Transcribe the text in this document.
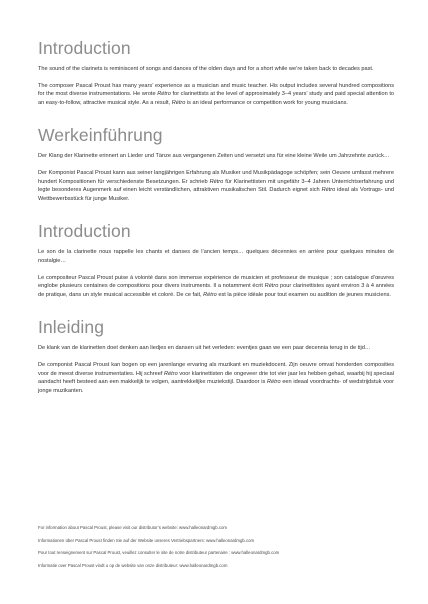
Introduction

The sound of the clarinets is reminiscent of songs and dances of the olden days and for a short while we’re taken back to decades past.

The composer Pascal Proust has many years’ experience as a musician and music teacher. His output includes several hundred compositions for the most diverse instrumentations. He wrote Rétro for clarinettists at the level of approximately 3–4 years’ study and paid special attention to an easy-to-follow, attractive musical style. As a result, Rétro is an ideal performance or competition work for young musicians.

Werkeinführung

Der Klang der Klarinette erinnert an Lieder und Tänze aus vergangenen Zeiten und versetzt uns für eine kleine Weile um Jahrzehnte zurück…

Der Komponist Pascal Proust kann aus seiner langjährigen Erfahrung als Musiker und Musikpädagoge schöpfen; sein Oeuvre umfasst mehrere hundert Kompositionen für verschiedenste Besetzungen. Er schrieb Rétro für Klarinettisten mit ungefähr 3–4 Jahren Unterrichtserfahrung und legte besonderes Augenmerk auf einen leicht verständlichen, attraktiven musikalischen Stil. Dadurch eignet sich Rétro ideal als Vortrags- und Wettbewerbsstück für junge Musiker.

Introduction

Le son de la clarinette nous rappelle les chants et danses de l’ancien temps… quelques décennies en arrière pour quelques minutes de nostalgie…

Le compositeur Pascal Proust puise à volonté dans son immense expérience de musicien et professeur de musique ; son catalogue d’œuvres englobe plusieurs centaines de compositions pour divers instruments. Il a notamment écrit Rétro pour clarinettistes ayant environ 3 à 4 années de pratique, dans un style musical accessible et coloré. De ce fait, Rétro est la pièce idéale pour tout examen ou audition de jeunes musiciens.

Inleiding

De klank van de klarinetten doet denken aan liedjes en dansen uit het verleden: eventjes gaan we een paar decennia terug in de tijd…

De componist Pascal Proust kan bogen op een jarenlange ervaring als muzikant en muziekdocent. Zijn oeuvre omvat honderden composities voor de meest diverse instrumentaties. Hij schreef Rétro voor klarinettisten die ongeveer drie tot vier jaar les hebben gehad, waarbij hij speciaal aandacht heeft besteed aan een makkelijk te volgen, aantrekkelijke muziekstijl. Daardoor is Rétro een ideaal voordrachts- of wedstrijdstuk voor jonge muzikanten.

For information about Pascal Proust, please visit our distributor’s website: www.halleonardmgb.com

Informationen über Pascal Proust finden Sie auf der Website unseres Vertriebspartners: www.halleonardmgb.com

Pour tout renseignement sur Pascal Proust, veuillez consulter le site de notre distributeur partenaire : www.halleonardmgb.com

Informatie over Pascal Proust vindt u op de website van onze distributeur: www.halleonardmgb.com
